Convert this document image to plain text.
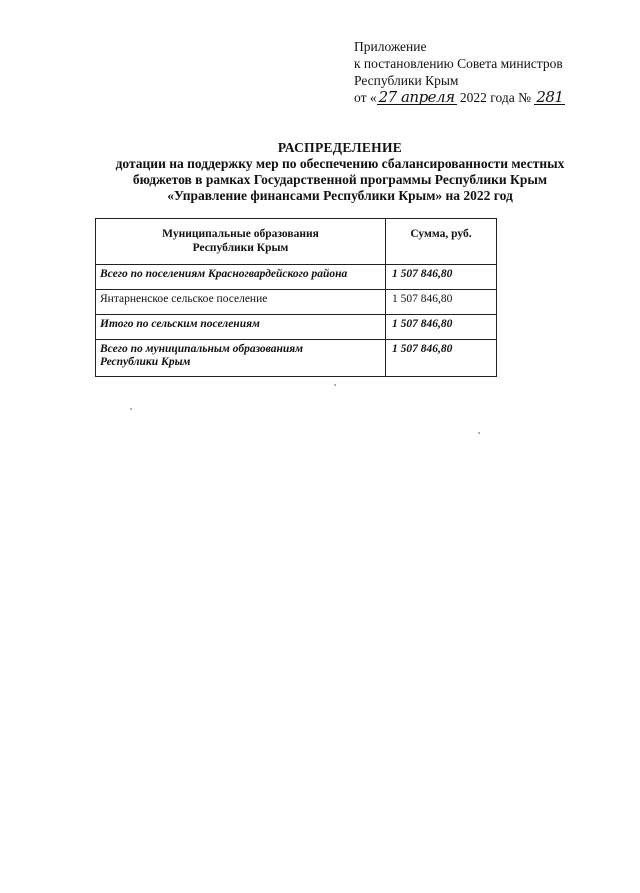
Приложение
к постановлению Совета министров
Республики Крым
от « 27 апреля 2022 года № 281
РАСПРЕДЕЛЕНИЕ
дотации на поддержку мер по обеспечению сбалансированности местных
бюджетов в рамках Государственной программы Республики Крым
«Управление финансами Республики Крым» на 2022 год
Муниципальные образования
Республики Крым	Сумма, руб.
Всего по поселениям Красногвардейского района	1 507 846,80
Янтарненское сельское поселение	1 507 846,80
Итого по сельским поселениям	1 507 846,80

Всего по муниципальным образованиям
Республики Крым	1 507 846,80
